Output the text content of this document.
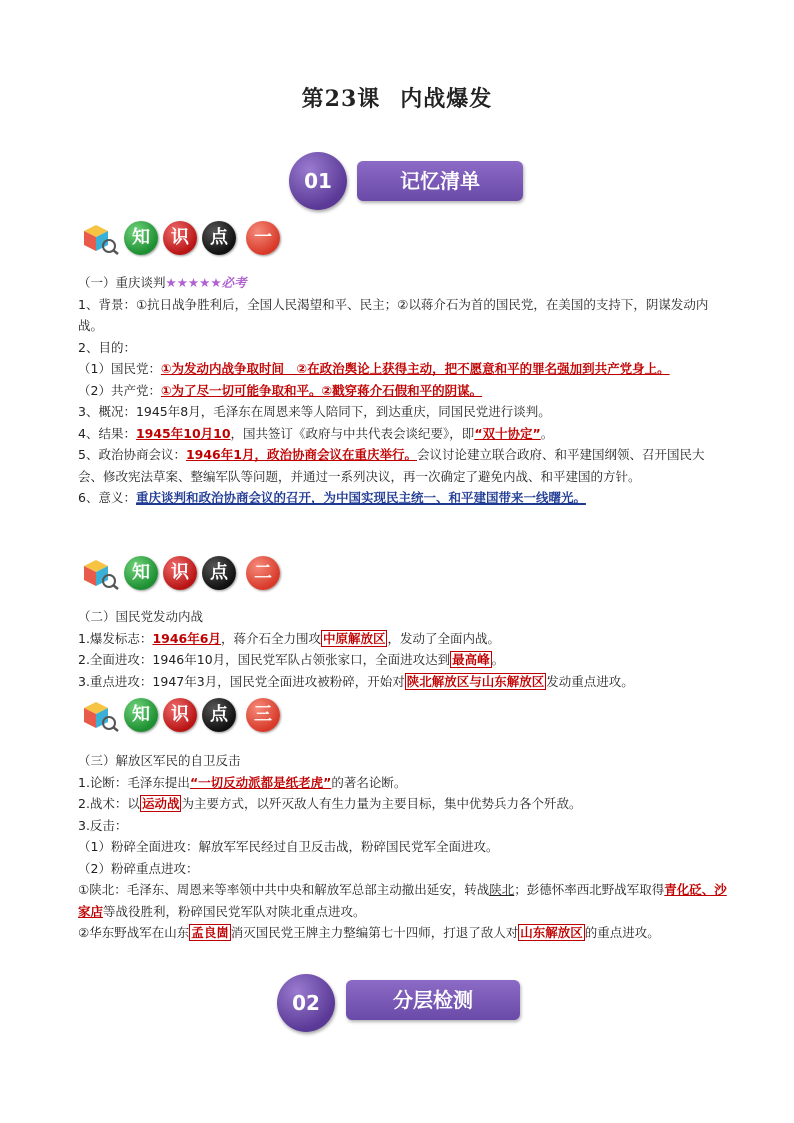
第23课 内战爆发
01	记忆清单
知	识	点	一

（一）重庆谈判★★★★★必考

1、背景：①抗日战争胜利后，全国人民渴望和平、民主；②以蒋介石为首的国民党，在美国的支持下，阴谋发动内战。

2、目的：

（1）国民党：①为发动内战争取时间　②在政治舆论上获得主动，把不愿意和平的罪名强加到共产党身上。

（2）共产党：①为了尽一切可能争取和平。②戳穿蒋介石假和平的阴谋。

3、概况：1945年8月，毛泽东在周恩来等人陪同下，到达重庆，同国民党进行谈判。

4、结果：1945年10月10，国共签订《政府与中共代表会谈纪要》，即“双十协定”。

5、政治协商会议：1946年1月，政治协商会议在重庆举行。会议讨论建立联合政府、和平建国纲领、召开国民大会、修改宪法草案、整编军队等问题，并通过一系列决议，再一次确定了避免内战、和平建国的方针。

6、意义：重庆谈判和政治协商会议的召开，为中国实现民主统一、和平建国带来一线曙光。

知	识	点	二

（二）国民党发动内战

1.爆发标志：1946年6月，蒋介石全力围攻 中原解放区 ，发动了全面内战。

2.全面进攻：1946年10月，国民党军队占领张家口，全面进攻达到 最高峰 。

3.重点进攻：1947年3月，国民党全面进攻被粉碎，开始对 陕北解放区与山东解放区 发动重点进攻。

知	识	点	三

（三）解放区军民的自卫反击

1.论断：毛泽东提出“一切反动派都是纸老虎”的著名论断。

2.战术：以 运动战 为主要方式，以歼灭敌人有生力量为主要目标，集中优势兵力各个歼敌。

3.反击：

（1）粉碎全面进攻：解放军军民经过自卫反击战，粉碎国民党军全面进攻。

（2）粉碎重点进攻：

①陕北：毛泽东、周恩来等率领中共中央和解放军总部主动撤出延安，转战陕北；彭德怀率西北野战军取得青化砭、沙家店等战役胜利，粉碎国民党军队对陕北重点进攻。

②华东野战军在山东 孟良崮 消灭国民党王牌主力整编第七十四师，打退了敌人对 山东解放区 的重点进攻。

02	分层检测
